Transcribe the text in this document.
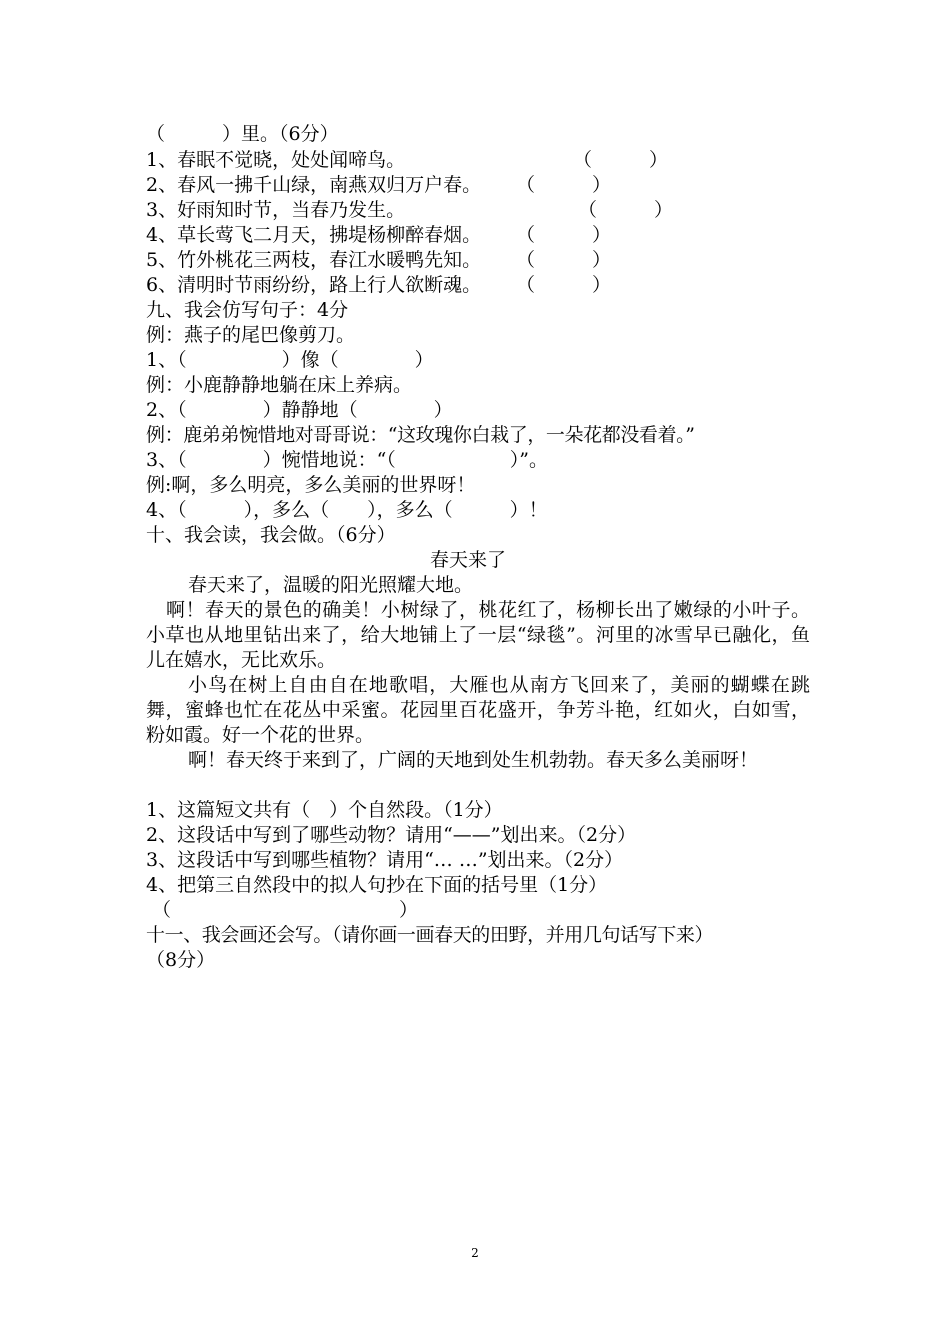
（　　　）里。（6分）
1、春眠不觉晓，处处闻啼鸟。	（　　　）
2、春风一拂千山绿，南燕双归万户春。 （　　　）
3、好雨知时节，当春乃发生。	（　　　）
4、草长莺飞二月天，拂堤杨柳醉春烟。 （　　　）
5、竹外桃花三两枝，春江水暖鸭先知。 （　　　）
6、清明时节雨纷纷，路上行人欲断魂。 （　　　）
九、我会仿写句子：4分
例：燕子的尾巴像剪刀。
1、（　　　　　）像（　　　　）
例：小鹿静静地躺在床上养病。
2、（　　　　）静静地（　　　　）
例：鹿弟弟惋惜地对哥哥说：“这玫瑰你白栽了，一朵花都没看着。”
3、（　　　　）惋惜地说：“（　　　　　　）”。
例:啊，多么明亮，多么美丽的世界呀！
4、（　　　），多么（　　），多么（　　　）！
十、我会读，我会做。（6分）
春天来了
春天来了，温暖的阳光照耀大地。
啊！春天的景色的确美！小树绿了，桃花红了，杨柳长出了嫩绿的小叶子。小草也从地里钻出来了，给大地铺上了一层“绿毯”。河里的冰雪早已融化，鱼儿在嬉水，无比欢乐。
小鸟在树上自由自在地歌唱，大雁也从南方飞回来了，美丽的蝴蝶在跳舞，蜜蜂也忙在花丛中采蜜。花园里百花盛开，争芳斗艳，红如火，白如雪，粉如霞。好一个花的世界。
啊！春天终于来到了，广阔的天地到处生机勃勃。春天多么美丽呀！
1、这篇短文共有（　）个自然段。（1分）
2、这段话中写到了哪些动物？请用“——”划出来。（2分）
3、这段话中写到哪些植物？请用“… …”划出来。（2分）
4、把第三自然段中的拟人句抄在下面的括号里（1分）
（　　　　　　　　　　　　）
十一、我会画还会写。（请你画一画春天的田野，并用几句话写下来）
（8分）
2
